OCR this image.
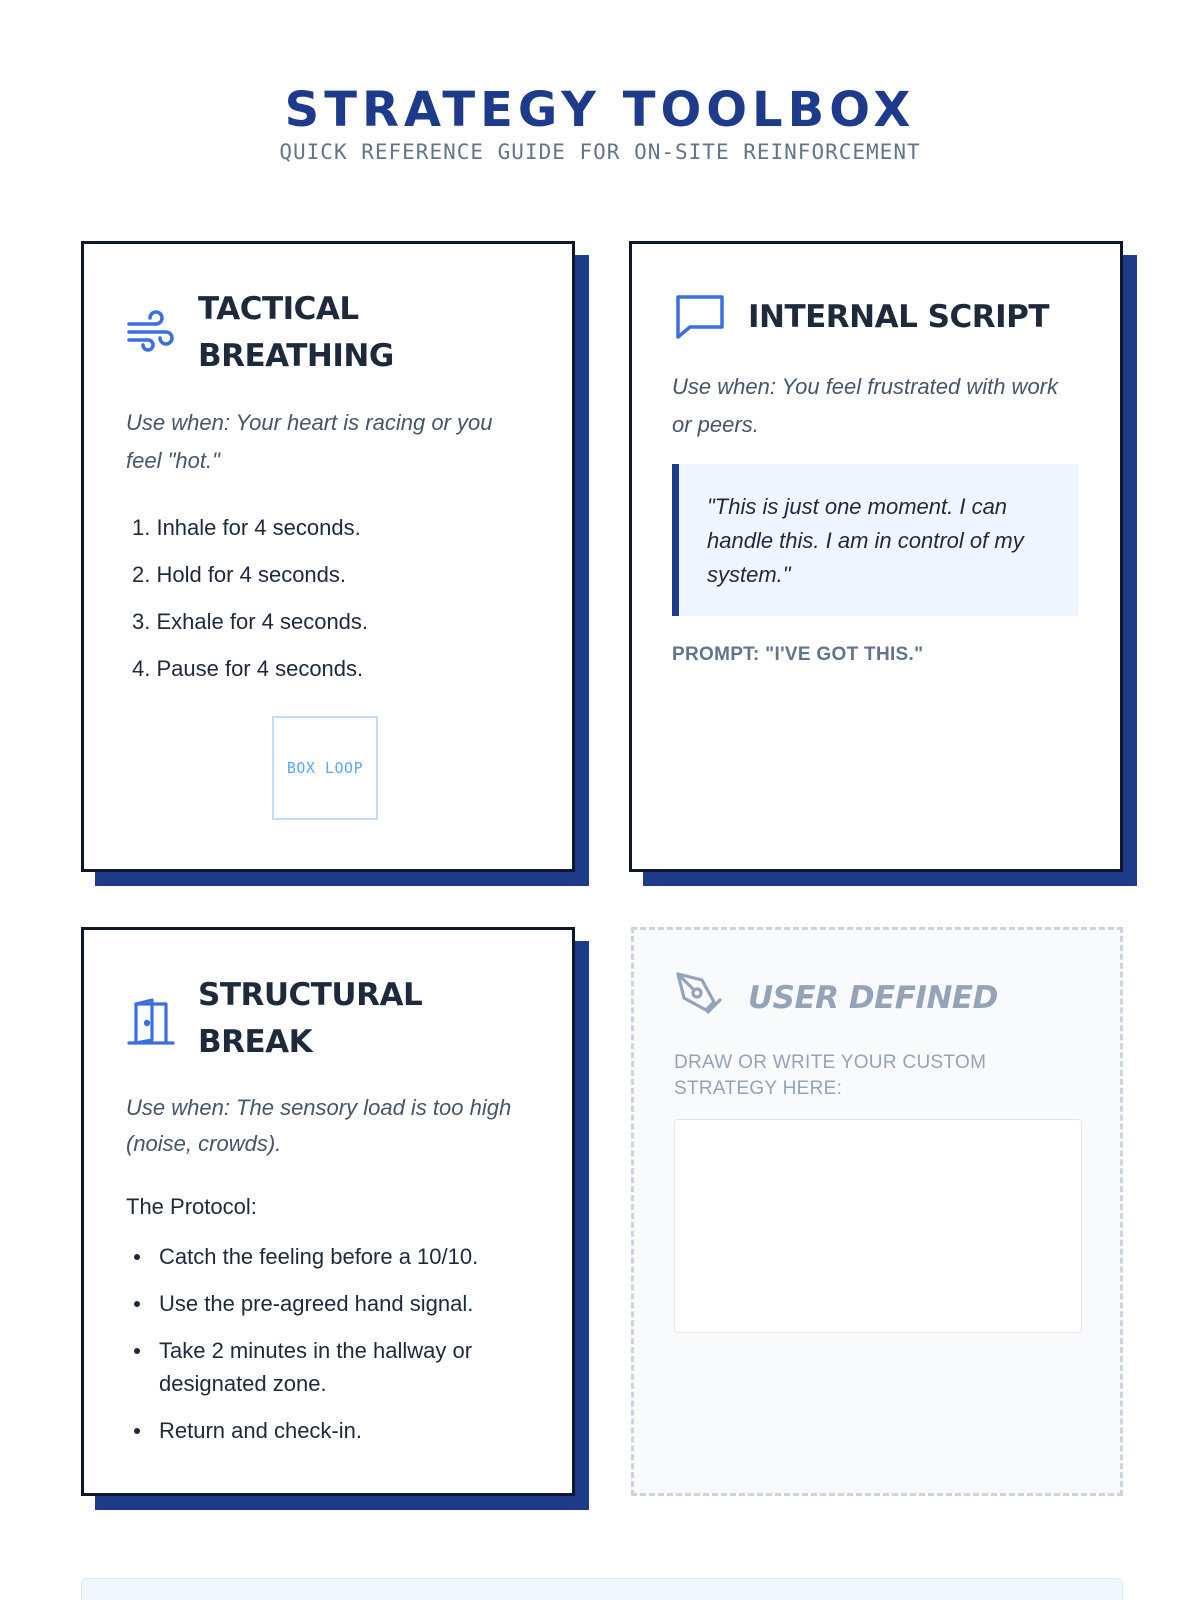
STRATEGY TOOLBOX
QUICK REFERENCE GUIDE FOR ON-SITE REINFORCEMENT
TACTICAL
BREATHING
Use when: Your heart is racing or you feel "hot."
1. Inhale for 4 seconds.
2. Hold for 4 seconds.
3. Exhale for 4 seconds.
4. Pause for 4 seconds.
BOX LOOP
INTERNAL SCRIPT
Use when: You feel frustrated with work or peers.
"This is just one moment. I can handle this. I am in control of my system."
PROMPT: "I'VE GOT THIS."
STRUCTURAL
BREAK
Use when: The sensory load is too high (noise, crowds).
The Protocol:
Catch the feeling before a 10/10.
Use the pre-agreed hand signal.
Take 2 minutes in the hallway or designated zone.
Return and check-in.
USER DEFINED
DRAW OR WRITE YOUR CUSTOM STRATEGY HERE:
